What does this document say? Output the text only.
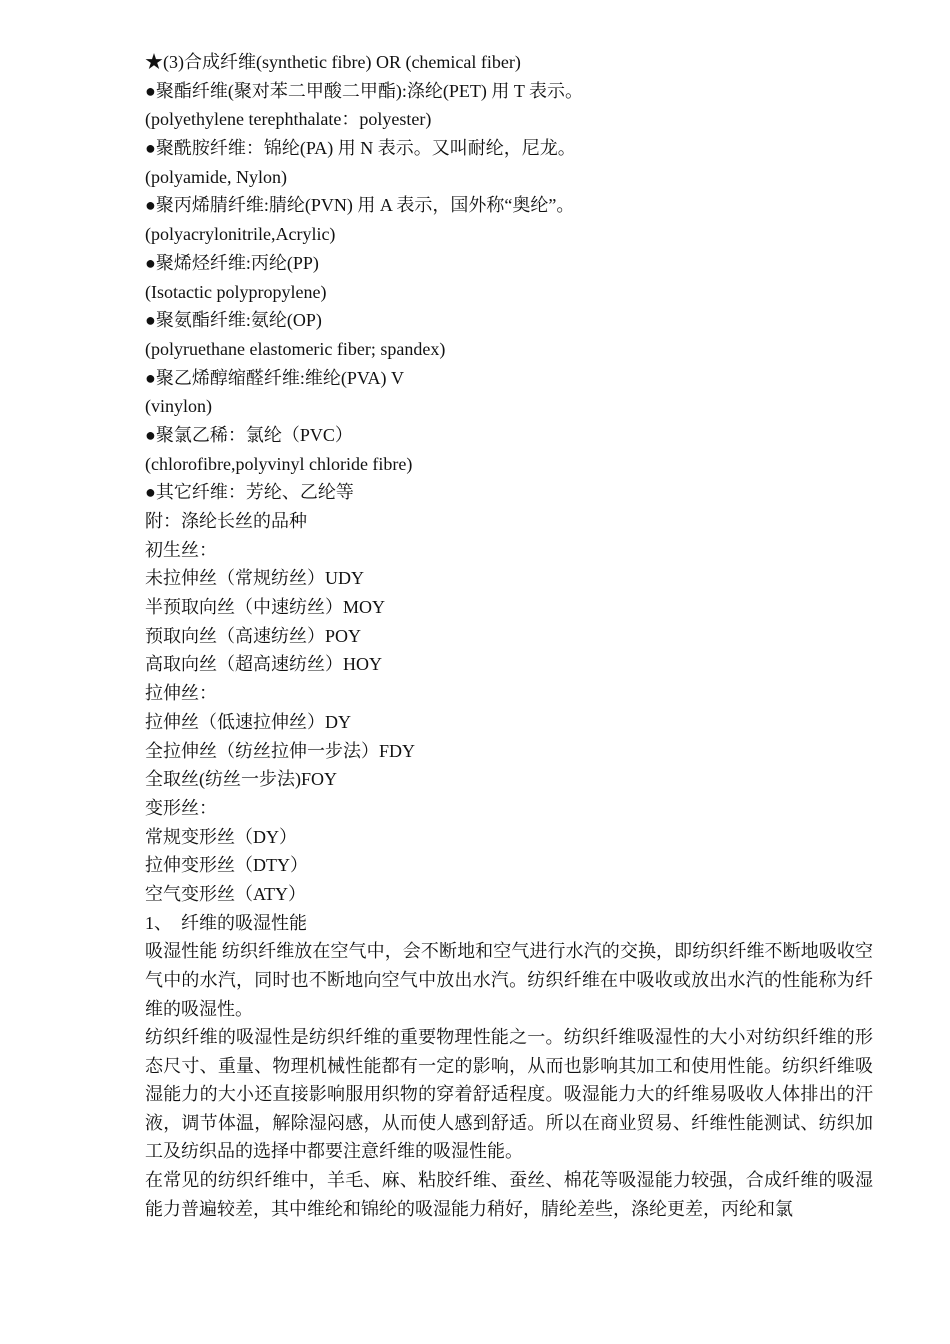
★(3)合成纤维(synthetic fibre) OR (chemical fiber)
●聚酯纤维(聚对苯二甲酸二甲酯):涤纶(PET) 用 T 表示。
(polyethylene terephthalate：polyester)
●聚酰胺纤维：锦纶(PA) 用 N 表示。又叫耐纶，尼龙。
(polyamide, Nylon)
●聚丙烯腈纤维:腈纶(PVN) 用 A 表示，国外称“奥纶”。
(polyacrylonitrile,Acrylic)
●聚烯烃纤维:丙纶(PP)
(Isotactic polypropylene)
●聚氨酯纤维:氨纶(OP)
(polyruethane elastomeric fiber; spandex)
●聚乙烯醇缩醛纤维:维纶(PVA) V
(vinylon)
●聚氯乙稀：氯纶（PVC）
(chlorofibre,polyvinyl chloride fibre)
●其它纤维：芳纶、乙纶等
附：涤纶长丝的品种
初生丝：
未拉伸丝（常规纺丝）UDY
半预取向丝（中速纺丝）MOY
预取向丝（高速纺丝）POY
高取向丝（超高速纺丝）HOY
拉伸丝：
拉伸丝（低速拉伸丝）DY
全拉伸丝（纺丝拉伸一步法）FDY
全取丝(纺丝一步法)FOY
变形丝：
常规变形丝（DY）
拉伸变形丝（DTY）
空气变形丝（ATY）
1、　纤维的吸湿性能
吸湿性能 纺织纤维放在空气中，会不断地和空气进行水汽的交换，即纺织纤维不断地吸收空气中的水汽，同时也不断地向空气中放出水汽。纺织纤维在中吸收或放出水汽的性能称为纤维的吸湿性。
纺织纤维的吸湿性是纺织纤维的重要物理性能之一。纺织纤维吸湿性的大小对纺织纤维的形态尺寸、重量、物理机械性能都有一定的影响，从而也影响其加工和使用性能。纺织纤维吸湿能力的大小还直接影响服用织物的穿着舒适程度。吸湿能力大的纤维易吸收人体排出的汗液，调节体温，解除湿闷感，从而使人感到舒适。所以在商业贸易、纤维性能测试、纺织加工及纺织品的选择中都要注意纤维的吸湿性能。
在常见的纺织纤维中，羊毛、麻、粘胶纤维、蚕丝、棉花等吸湿能力较强，合成纤维的吸湿能力普遍较差，其中维纶和锦纶的吸湿能力稍好，腈纶差些，涤纶更差，丙纶和氯
